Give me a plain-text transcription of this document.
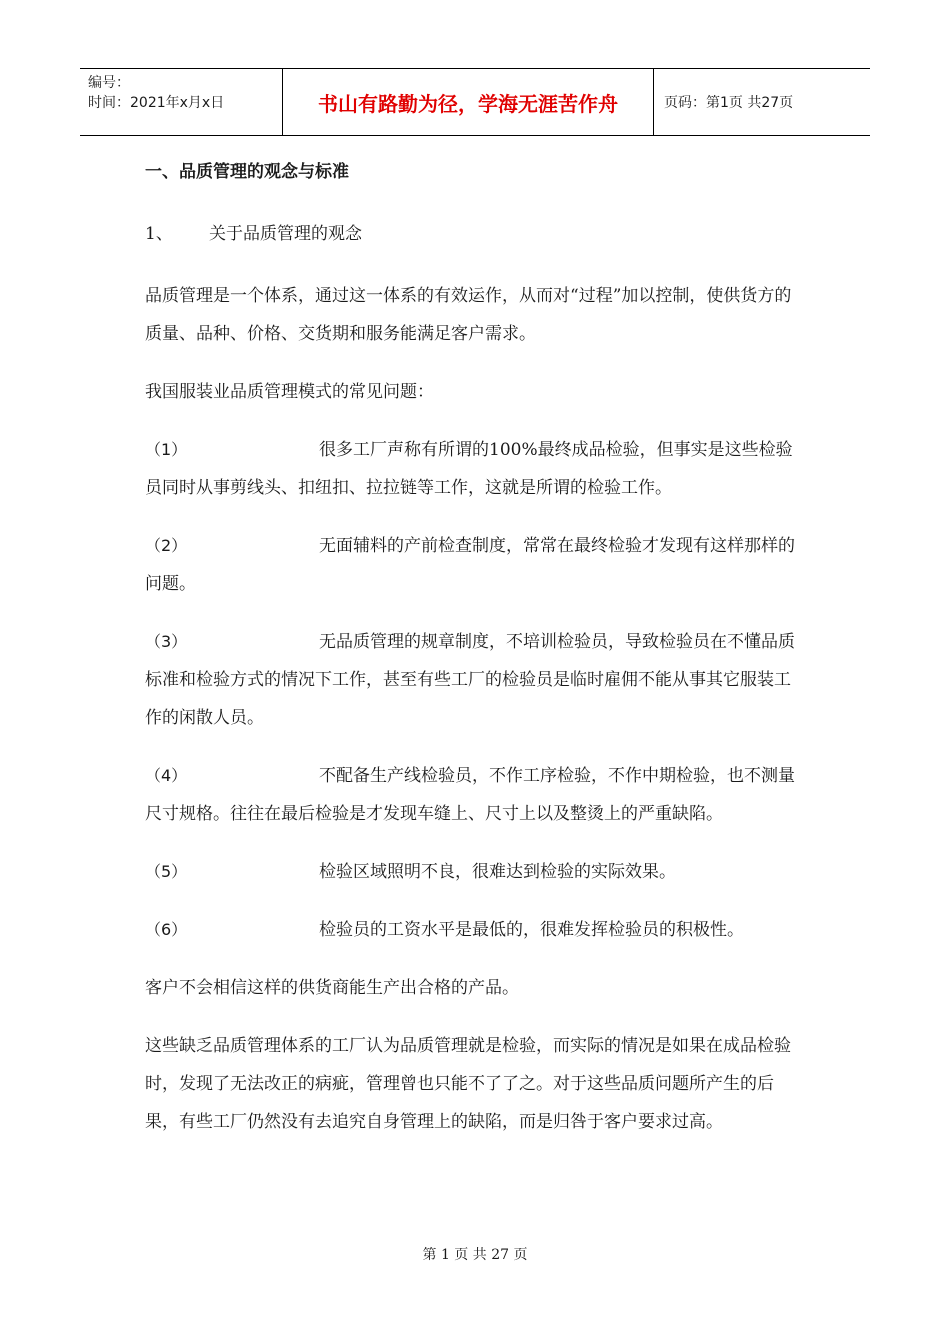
编号：
时间：2021年x月x日	书山有路勤为径，学海无涯苦作舟	页码：第1页 共27页
一、品质管理的观念与标准
1、 关于品质管理的观念

品质管理是一个体系，通过这一体系的有效运作，从而对“过程”加以控制，使供货方的质量、品种、价格、交货期和服务能满足客户需求。

我国服装业品质管理模式的常见问题：

（1）	很多工厂声称有所谓的100%最终成品检验，但事实是这些检验员同时从事剪线头、扣纽扣、拉拉链等工作，这就是所谓的检验工作。
（2）	无面辅料的产前检查制度，常常在最终检验才发现有这样那样的问题。
（3）	无品质管理的规章制度，不培训检验员，导致检验员在不懂品质标准和检验方式的情况下工作，甚至有些工厂的检验员是临时雇佣不能从事其它服装工作的闲散人员。
（4）	不配备生产线检验员，不作工序检验，不作中期检验，也不测量尺寸规格。往往在最后检验是才发现车缝上、尺寸上以及整烫上的严重缺陷。
（5）	检验区域照明不良，很难达到检验的实际效果。
（6）	检验员的工资水平是最低的，很难发挥检验员的积极性。

客户不会相信这样的供货商能生产出合格的产品。

这些缺乏品质管理体系的工厂认为品质管理就是检验，而实际的情况是如果在成品检验时，发现了无法改正的病疵，管理曾也只能不了了之。对于这些品质问题所产生的后果，有些工厂仍然没有去追究自身管理上的缺陷，而是归咎于客户要求过高。

第 1 页 共 27 页
